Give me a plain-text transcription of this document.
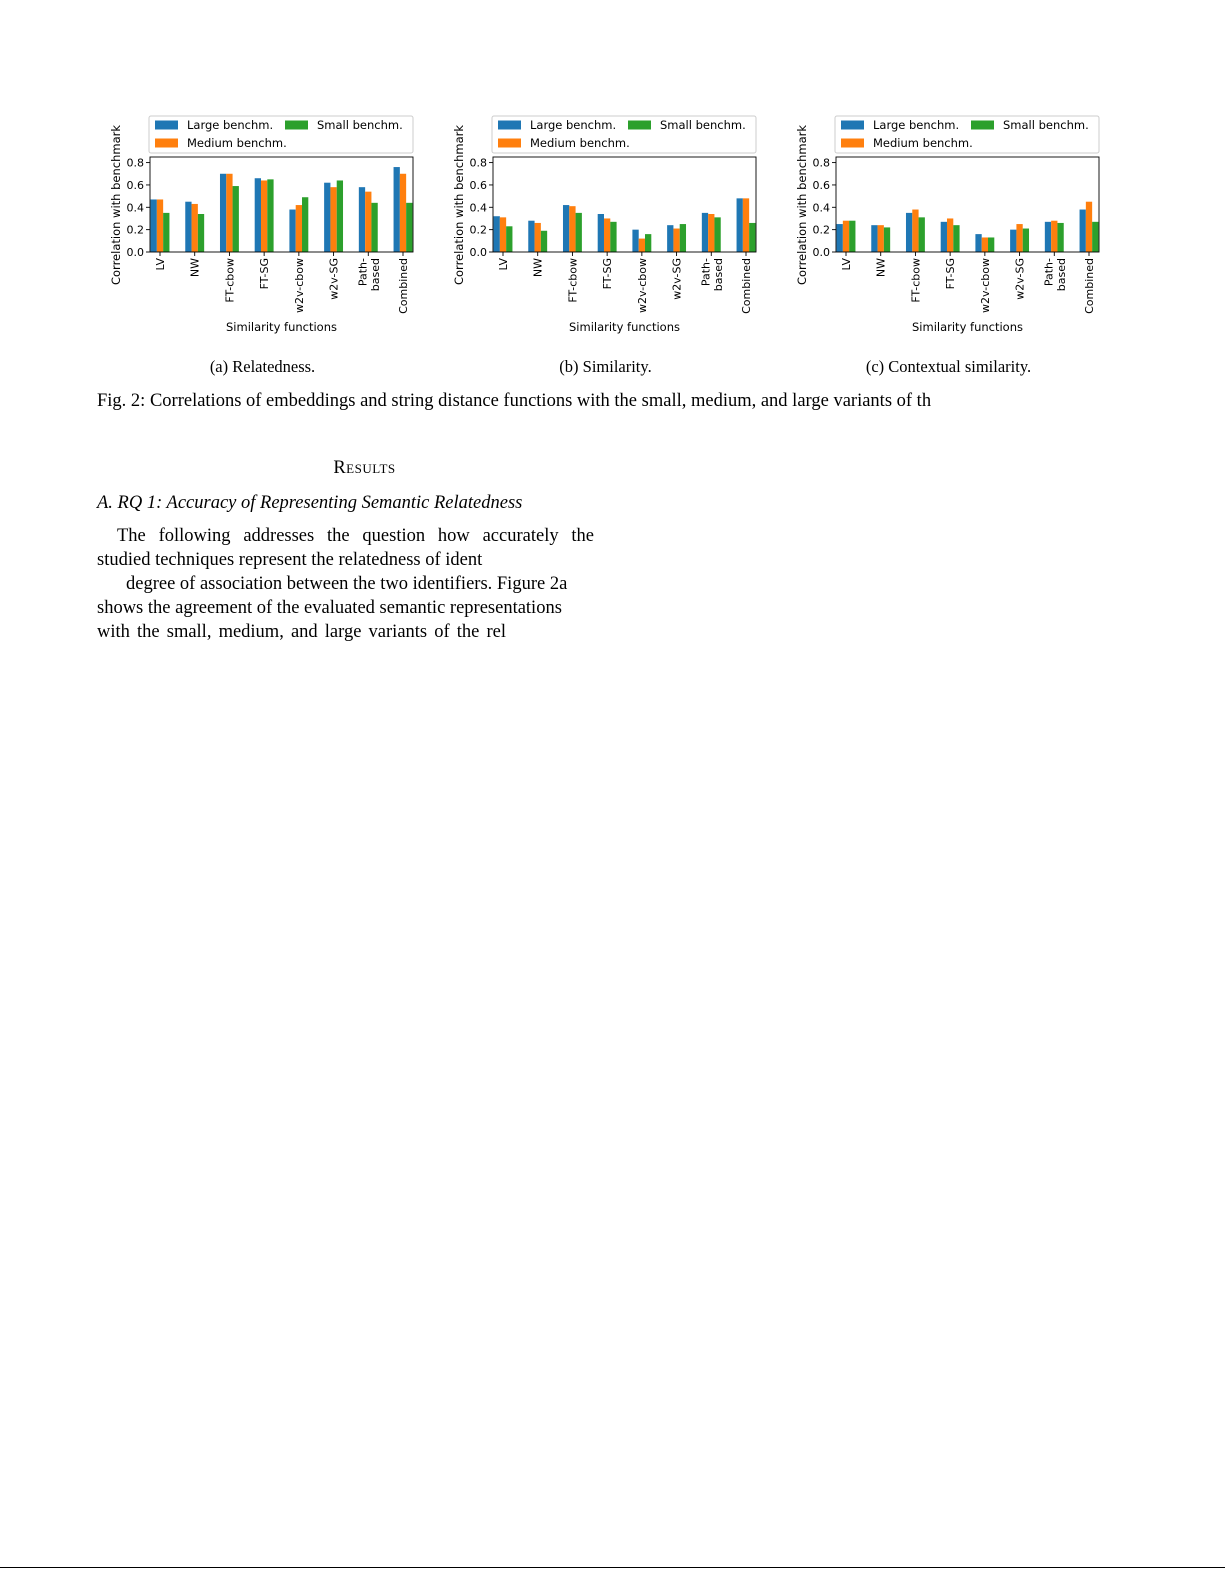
Large benchm.
Medium benchm.
Small benchm.
0.0
0.2
0.4
0.6
0.8
LV NW FT-cbow FT-SG w2v-cbow w2v-SG Path-based Combined
Similarity functions
Correlation with benchmark	Large benchm.
Medium benchm.
Small benchm.
0.0
0.2
0.4
0.6
0.8
LV NW FT-cbow FT-SG w2v-cbow w2v-SG Path-based Combined
Similarity functions
Correlation with benchmark	Large benchm.
Medium benchm.
Small benchm.
0.0
0.2
0.4
0.6
0.8
LV NW FT-cbow FT-SG w2v-cbow w2v-SG Path-based Combined
Similarity functions
Correlation with benchmark
(a) Relatedness.	(b) Similarity.	(c) Contextual similarity.
Fig. 2: Correlations of embeddings and string distance functions with the small, medium, and large variants of th
Results
A. RQ 1: Accuracy of Representing Semantic Relatedness
The following addresses the question how accurately the
studied techniques represent the relatedness of ident
degree of association between the two identifiers. Figure 2a
shows the agreement of the evaluated semantic representations
with the small, medium, and large variants of the rel
